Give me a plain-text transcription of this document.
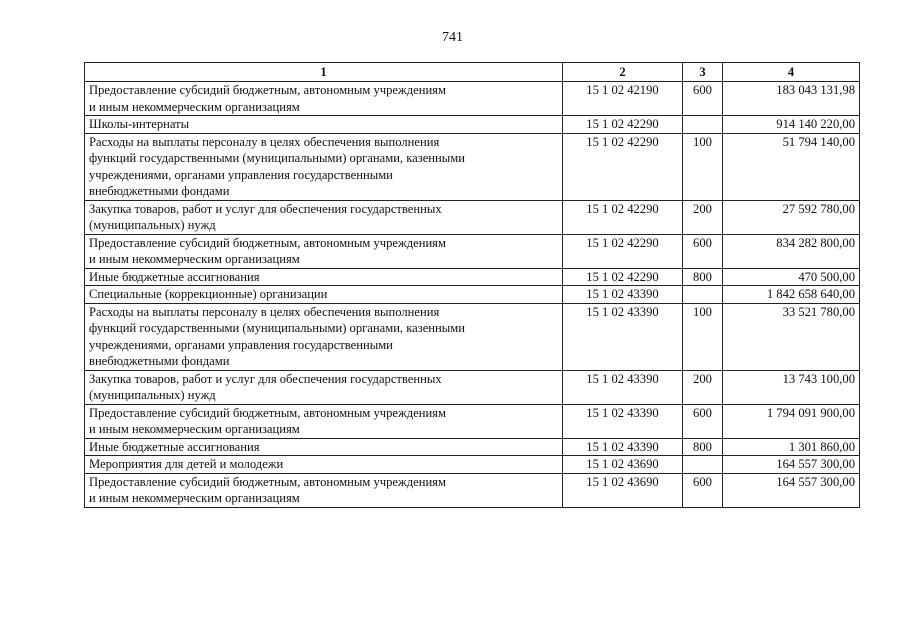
741
1	2	3	4
Предоставление субсидий бюджетным, автономным учреждениям
и иным некоммерческим организациям	15 1 02 42190	600	183 043 131,98
Школы-интернаты	15 1 02 42290		914 140 220,00
Расходы на выплаты персоналу в целях обеспечения выполнения
функций государственными (муниципальными) органами, казенными
учреждениями, органами управления государственными
внебюджетными фондами	15 1 02 42290	100	51 794 140,00
Закупка товаров, работ и услуг для обеспечения государственных
(муниципальных) нужд	15 1 02 42290	200	27 592 780,00
Предоставление субсидий бюджетным, автономным учреждениям
и иным некоммерческим организациям	15 1 02 42290	600	834 282 800,00
Иные бюджетные ассигнования	15 1 02 42290	800	470 500,00
Специальные (коррекционные) организации	15 1 02 43390		1 842 658 640,00
Расходы на выплаты персоналу в целях обеспечения выполнения
функций государственными (муниципальными) органами, казенными
учреждениями, органами управления государственными
внебюджетными фондами	15 1 02 43390	100	33 521 780,00
Закупка товаров, работ и услуг для обеспечения государственных
(муниципальных) нужд	15 1 02 43390	200	13 743 100,00
Предоставление субсидий бюджетным, автономным учреждениям
и иным некоммерческим организациям	15 1 02 43390	600	1 794 091 900,00
Иные бюджетные ассигнования	15 1 02 43390	800	1 301 860,00
Мероприятия для детей и молодежи	15 1 02 43690		164 557 300,00
Предоставление субсидий бюджетным, автономным учреждениям
и иным некоммерческим организациям	15 1 02 43690	600	164 557 300,00
